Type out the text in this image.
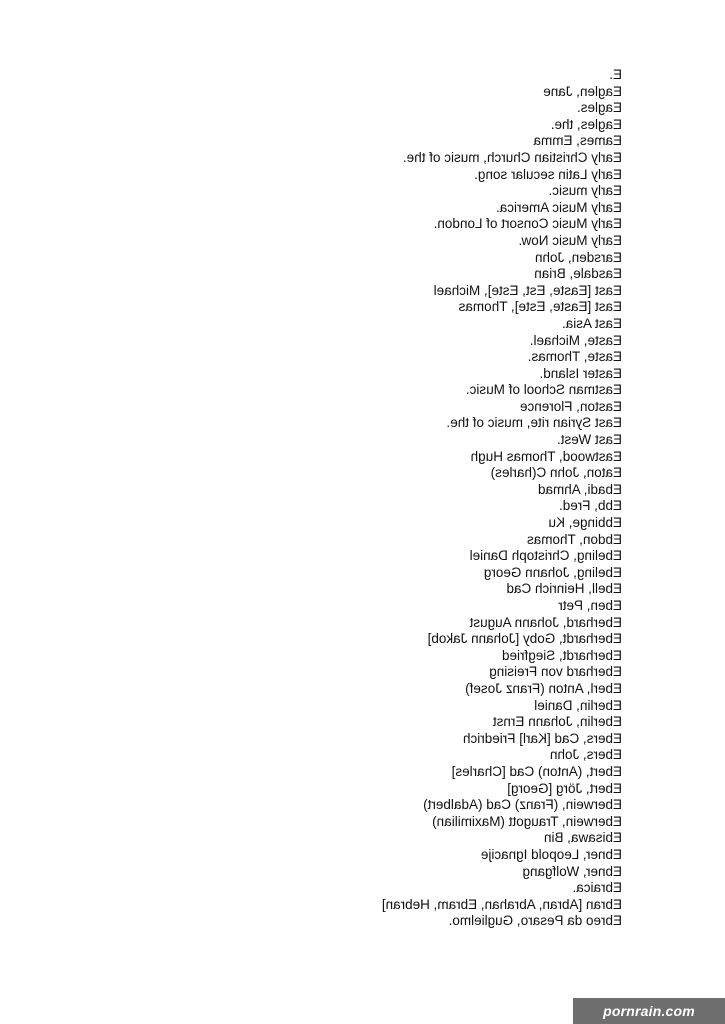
E.
Eaglen, Jane
Eagles.
Eagles, the.
Eames, Emma
Early Christian Church, music of the.
Early Latin secular song.
Early music.
Early Music America.
Early Music Consort of London.
Early Music Now.
Earsden, John
Easdale, Brian
East [Easte, Est, Este], Michael
East [Easte, Este], Thomas
East Asia.
Easte, Michael.
Easte, Thomas.
Easter Island.
Eastman School of Music.
Easton, Florence
East Syrian rite, music of the.
East West.
Eastwood, Thomas Hugh
Eaton, John C(harles)
Ebadi, Ahmad
Ebb, Fred.
Ebbinge, Ku
Ebdon, Thomas
Ebeling, Christoph Daniel
Ebeling, Johann Georg
Ebell, Heinrich Cad
Eben, Petr
Eberhard, Johann August
Eberhardt, Goby [Johann Jakob]
Eberhardt, Siegfried
Eberhard von Freising
Eberl, Anton (Franz Josef)
Eberlin, Daniel
Eberlin, Johann Ernst
Ebers, Cad [Karl] Friedrich
Ebers, John
Ebert, (Anton) Cad [Charles]
Ebert, Jörg [Georg]
Eberwein, (Franz) Cad (Adalbert)
Eberwein, Traugott (Maximilian)
Ebisawa, Bin
Ebner, Leopold Ignacije
Ebner, Wolfgang
Ebraica.
Ebran [Abran, Abrahan, Ebram, Hebran]
Ebreo da Pesaro, Guglielmo.
pornrain.com
